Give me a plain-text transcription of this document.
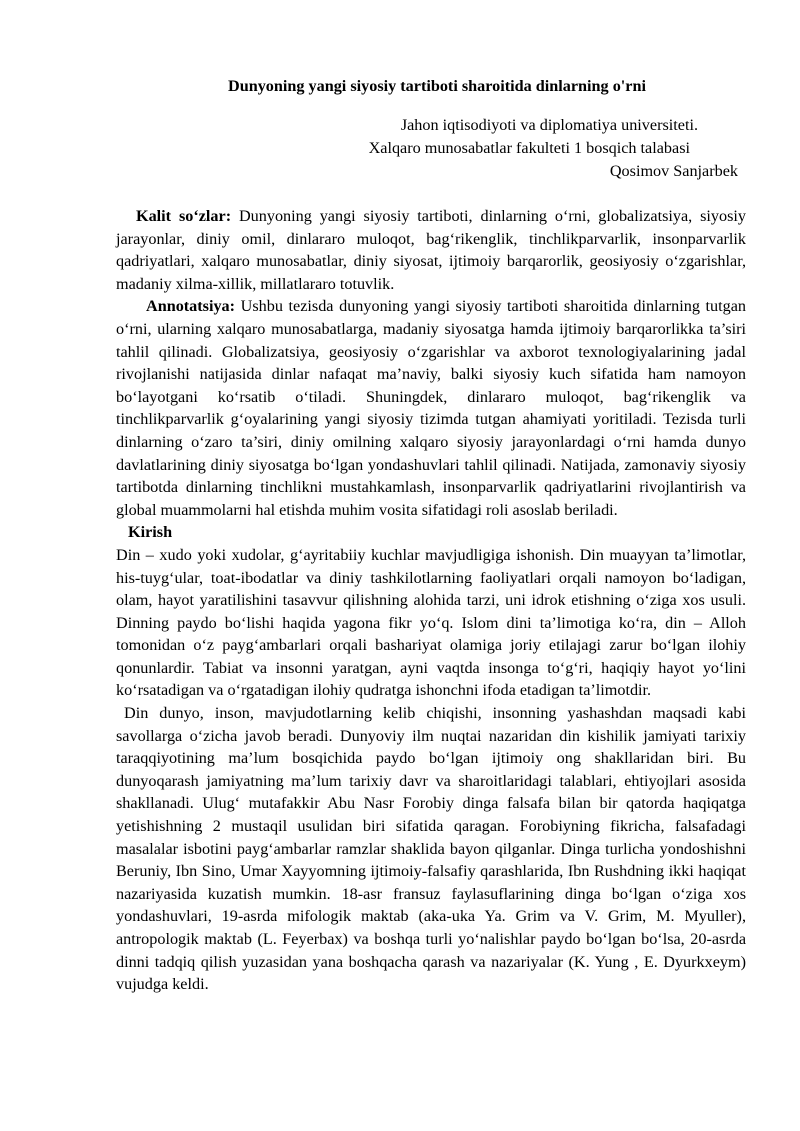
Dunyoning yangi siyosiy tartiboti sharoitida dinlarning o'rni
Jahon iqtisodiyoti va diplomatiya universiteti.
Xalqaro munosabatlar fakulteti 1 bosqich talabasi
Qosimov Sanjarbek

Kalit so‘zlar: Dunyoning yangi siyosiy tartiboti, dinlarning o‘rni, globalizatsiya, siyosiy jarayonlar, diniy omil, dinlararo muloqot, bag‘rikenglik, tinchlikparvarlik, insonparvarlik qadriyatlari, xalqaro munosabatlar, diniy siyosat, ijtimoiy barqarorlik, geosiyosiy o‘zgarishlar, madaniy xilma-xillik, millatlararo totuvlik.

Annotatsiya: Ushbu tezisda dunyoning yangi siyosiy tartiboti sharoitida dinlarning tutgan o‘rni, ularning xalqaro munosabatlarga, madaniy siyosatga hamda ijtimoiy barqarorlikka ta’siri tahlil qilinadi. Globalizatsiya, geosiyosiy o‘zgarishlar va axborot texnologiyalarining jadal rivojlanishi natijasida dinlar nafaqat ma’naviy, balki siyosiy kuch sifatida ham namoyon bo‘layotgani ko‘rsatib o‘tiladi. Shuningdek, dinlararo muloqot, bag‘rikenglik va tinchlikparvarlik g‘oyalarining yangi siyosiy tizimda tutgan ahamiyati yoritiladi. Tezisda turli dinlarning o‘zaro ta’siri, diniy omilning xalqaro siyosiy jarayonlardagi o‘rni hamda dunyo davlatlarining diniy siyosatga bo‘lgan yondashuvlari tahlil qilinadi. Natijada, zamonaviy siyosiy tartibotda dinlarning tinchlikni mustahkamlash, insonparvarlik qadriyatlarini rivojlantirish va global muammolarni hal etishda muhim vosita sifatidagi roli asoslab beriladi.

Kirish

Din – xudo yoki xudolar, g‘ayritabiiy kuchlar mavjudligiga ishonish. Din muayyan ta’limotlar, his-tuyg‘ular, toat-ibodatlar va diniy tashkilotlarning faoliyatlari orqali namoyon bo‘ladigan, olam, hayot yaratilishini tasavvur qilishning alohida tarzi, uni idrok etishning o‘ziga xos usuli. Dinning paydo bo‘lishi haqida yagona fikr yo‘q. Islom dini ta’limotiga ko‘ra, din – Alloh tomonidan o‘z payg‘ambarlari orqali bashariyat olamiga joriy etilajagi zarur bo‘lgan ilohiy qonunlardir. Tabiat va insonni yaratgan, ayni vaqtda insonga to‘g‘ri, haqiqiy hayot yo‘lini ko‘rsatadigan va o‘rgatadigan ilohiy qudratga ishonchni ifoda etadigan ta’limotdir.

Din dunyo, inson, mavjudotlarning kelib chiqishi, insonning yashashdan maqsadi kabi savollarga o‘zicha javob beradi. Dunyoviy ilm nuqtai nazaridan din kishilik jamiyati tarixiy taraqqiyotining ma’lum bosqichida paydo bo‘lgan ijtimoiy ong shakllaridan biri. Bu dunyoqarash jamiyatning ma’lum tarixiy davr va sharoitlaridagi talablari, ehtiyojlari asosida shakllanadi. Ulug‘ mutafakkir Abu Nasr Forobiy dinga falsafa bilan bir qatorda haqiqatga yetishishning 2 mustaqil usulidan biri sifatida qaragan. Forobiyning fikricha, falsafadagi masalalar isbotini payg‘ambarlar ramzlar shaklida bayon qilganlar. Dinga turlicha yondoshishni Beruniy, Ibn Sino, Umar Xayyomning ijtimoiy-falsafiy qarashlarida, Ibn Rushdning ikki haqiqat nazariyasida kuzatish mumkin. 18-asr fransuz faylasuflarining dinga bo‘lgan o‘ziga xos yondashuvlari, 19-asrda mifologik maktab (aka-uka Ya. Grim va V. Grim, M. Myuller), antropologik maktab (L. Feyerbax) va boshqa turli yo‘nalishlar paydo bo‘lgan bo‘lsa, 20-asrda dinni tadqiq qilish yuzasidan yana boshqacha qarash va nazariyalar (K. Yung , E. Dyurkxeym) vujudga keldi.
